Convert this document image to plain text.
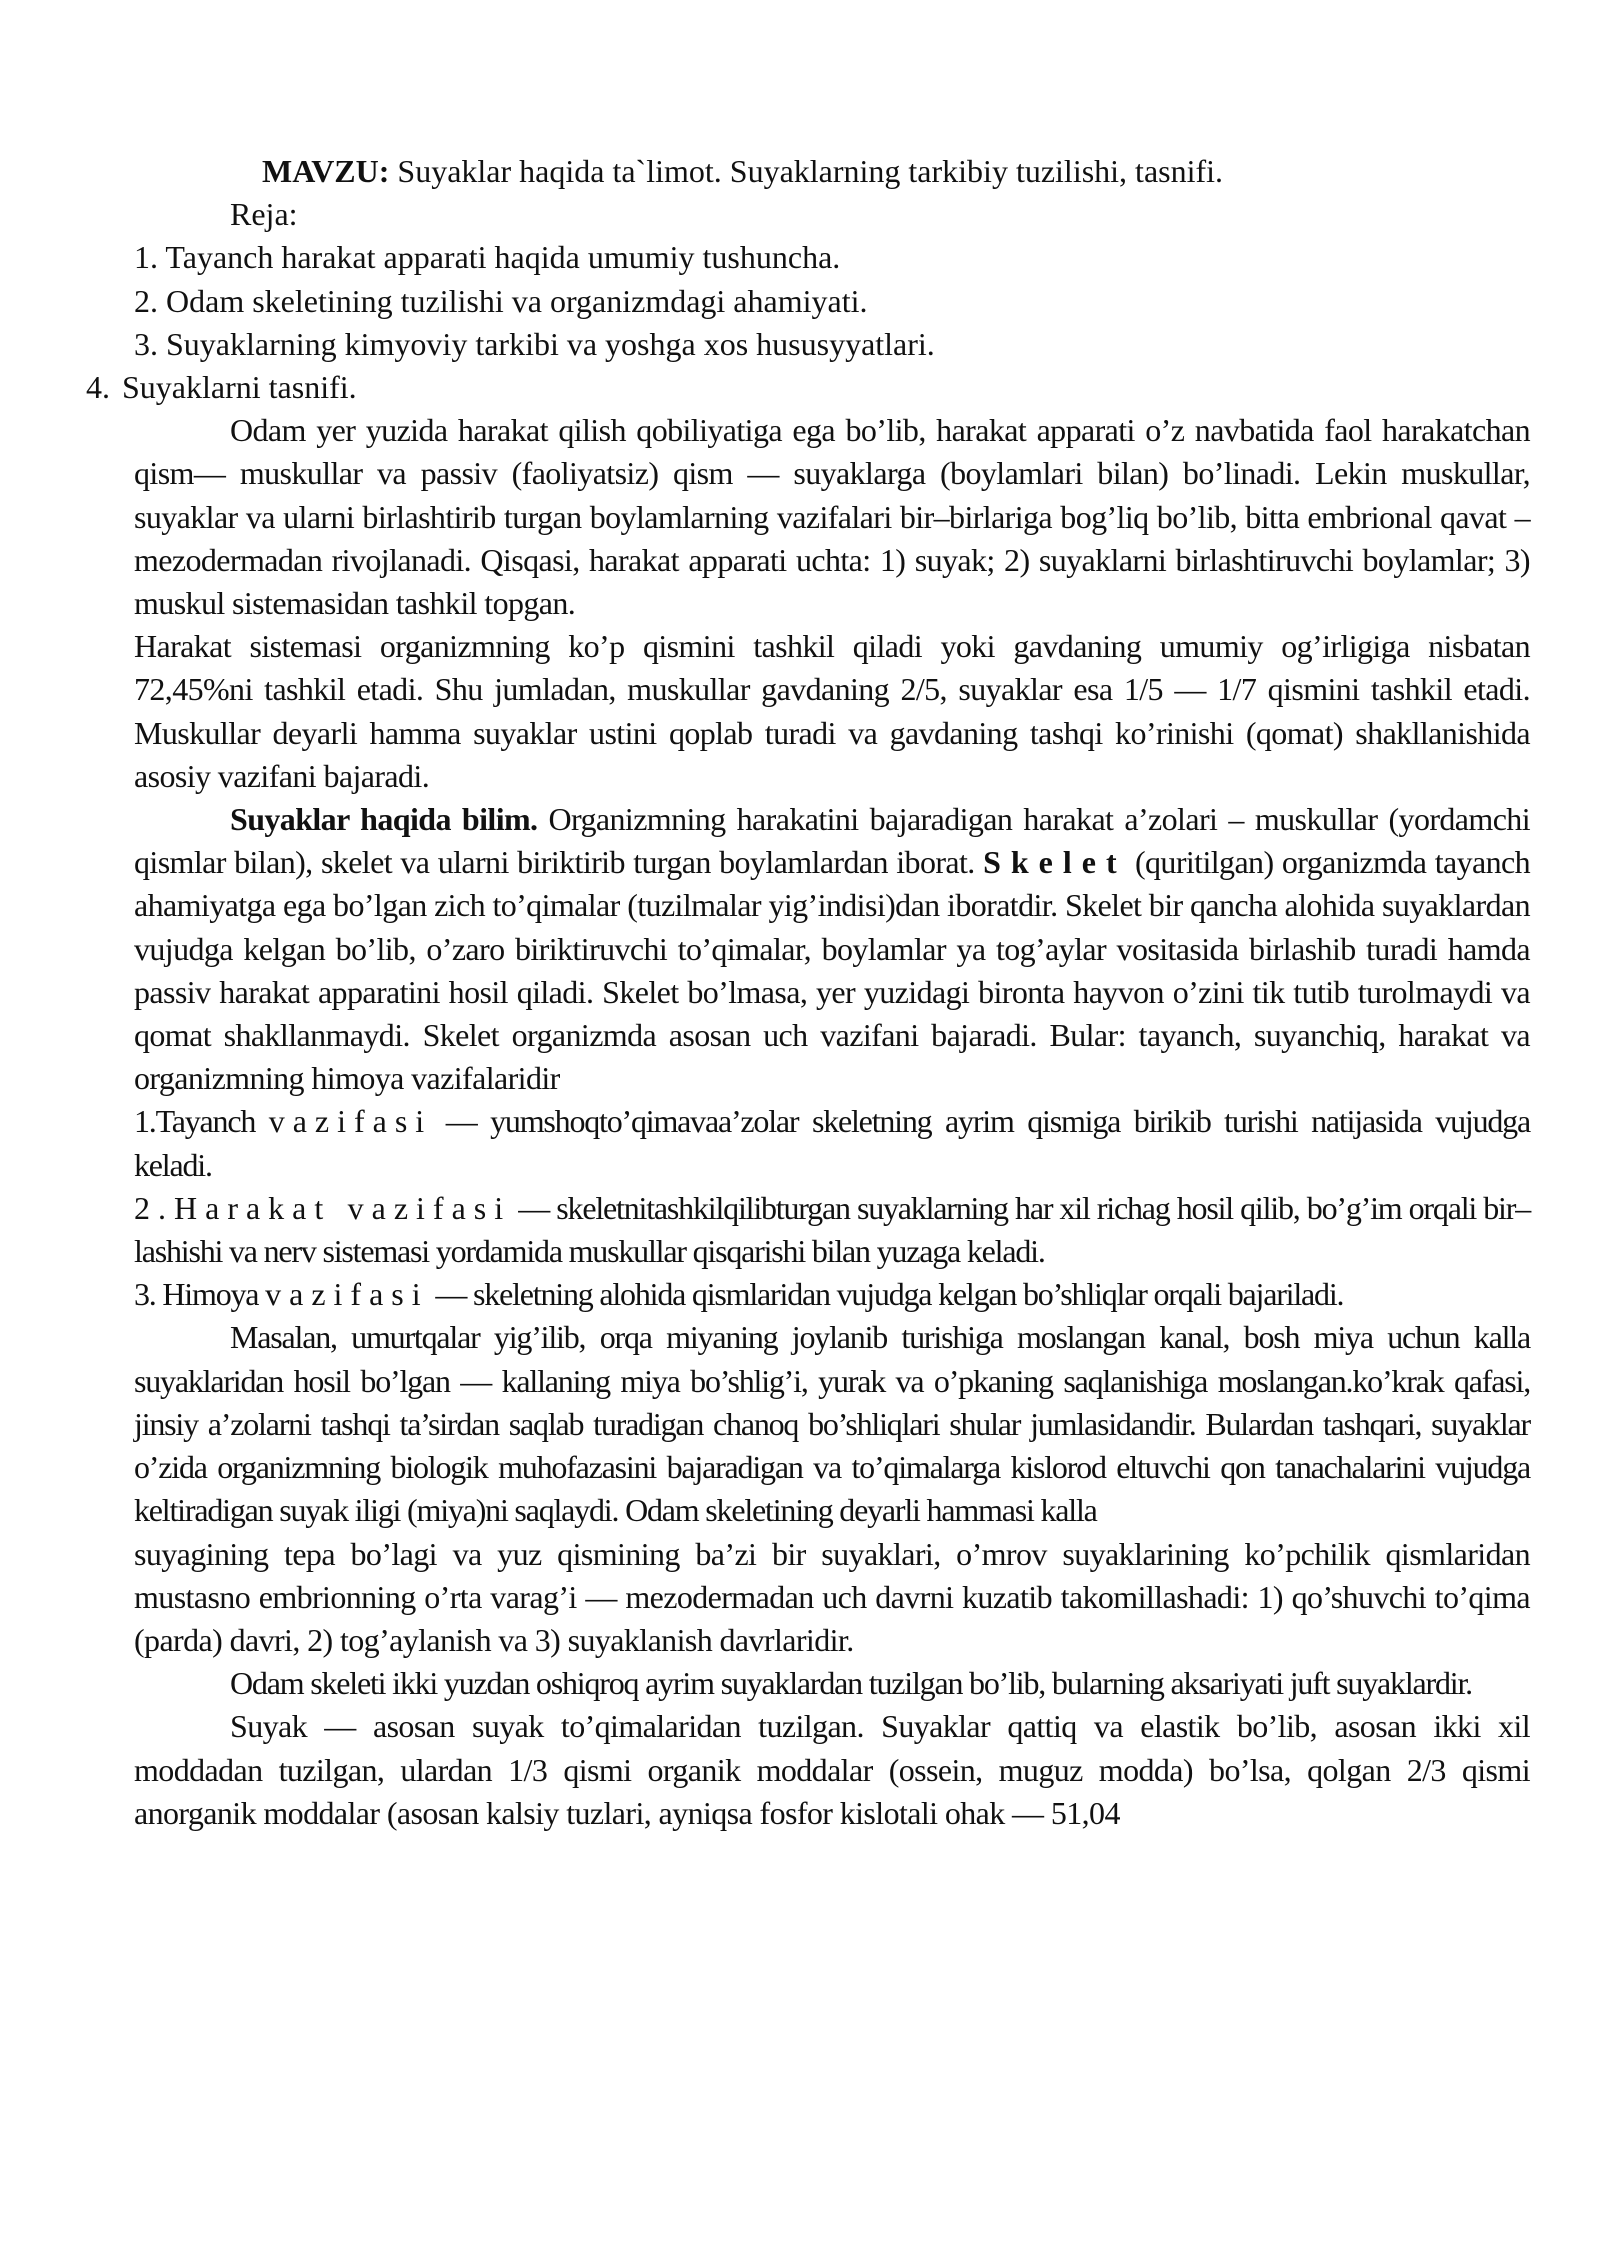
MAVZU: Suyaklar haqida ta`limot. Suyaklarning tarkibiy tuzilishi, tasnifi.

Reja:

1. Tayanch harakat apparati haqida umumiy tushuncha.

2. Odam skeletining tuzilishi va organizmdagi ahamiyati.

3. Suyaklarning kimyoviy tarkibi va yoshga xos hususуyatlari.

4. Suyaklarni tasnifi.

Odam yer yuzida harakat qilish qobiliyatiga ega bo’lib, harakat apparati o’z navbatida faol harakatchan qism— muskullar va passiv (faoliyatsiz) qism — suyaklarga (boylamlari bilan) bo’linadi. Lekin muskullar, suyaklar va ularni birlashtirib turgan boylamlarning vazifalari bir–birlariga bog’liq bo’lib, bitta embrional qavat – mezodermadan rivojlanadi. Qisqasi, harakat apparati uchta: 1) suyak; 2) suyaklarni birlashtiruvchi boylamlar; 3) muskul sistemasidan tashkil topgan.

Harakat sistemasi organizmning ko’p qismini tashkil qiladi yoki gavdaning umumiy og’irligiga nisbatan 72,45%ni tashkil etadi. Shu jumladan, muskullar gavdaning 2/5, suyaklar esa 1/5 — 1/7 qismini tashkil etadi. Muskullar deyarli hamma suyaklar ustini qoplab turadi va gavdaning tashqi ko’rinishi (qomat) shakllanishida asosiy vazifani bajaradi.

Suyaklar haqida bilim. Organizmning harakatini bajaradigan harakat a’zolari – muskullar (yordamchi qismlar bilan), skelet va ularni biriktirib turgan boylamlardan iborat. Skelet (quritilgan) organizmda tayanch ahamiyatga ega bo’lgan zich to’qimalar (tuzilmalar yig’indisi)dan iboratdir. Skelet bir qancha alohida suyaklardan vujudga kelgan bo’lib, o’zaro biriktiruvchi to’qimalar, boylamlar ya tog’aylar vositasida birlashib turadi hamda passiv harakat apparatini hosil qiladi. Skelet bo’lmasa, yer yuzidagi bironta hayvon o’zini tik tutib turolmaydi va qomat shakllanmaydi. Skelet organizmda asosan uch vazifani bajaradi. Bular: tayanch, suyanchiq, harakat va organizmning himoya vazifalaridir

1.Tayanch vazifasi — yumshoqto’qimavaa’zolar skeletning ayrim qismiga birikib turishi natijasida vujudga keladi.

2.Harakat vazifasi — skeletnitashkilqilibturgan suyaklarning har xil richag hosil qilib, bo’g’im orqali bir–lashishi va nerv sistemasi yordamida muskullar qisqarishi bilan yuzaga keladi.

3. Himoya vazifasi — skeletning alohida qismlaridan vujudga kelgan bo’shliqlar orqali bajariladi.

Masalan, umurtqalar yig’ilib, orqa miyaning joylanib turishiga moslangan kanal, bosh miya uchun kalla suyaklaridan hosil bo’lgan — kallaning miya bo’shlig’i, yurak va o’pkaning saqlanishiga moslangan.ko’krak qafasi, jinsiy a’zolarni tashqi ta’sirdan saqlab turadigan chanoq bo’shliqlari shular jumlasidandir. Bulardan tashqari, suyaklar o’zida organizmning biologik muhofazasini bajaradigan va to’qimalarga kislorod eltuvchi qon tanachalarini vujudga keltiradigan suyak iligi (miya)ni saqlaydi. Odam skeletining deyarli hammasi kalla

suyagining tepa bo’lagi va yuz qismining ba’zi bir suyaklari, o’mrov suyaklarining ko’pchilik qismlaridan mustasno embrionning o’rta varag’i — mezodermadan uch davrni kuzatib takomillashadi: 1) qo’shuvchi to’qima (parda) davri, 2) tog’aylanish va 3) suyaklanish davrlaridir.

Odam skeleti ikki yuzdan oshiqroq ayrim suyaklardan tuzilgan bo’lib, bularning aksariyati juft suyaklardir.

Suyak — asosan suyak to’qimalaridan tuzilgan. Suyaklar qattiq va elastik bo’lib, asosan ikki xil moddadan tuzilgan, ulardan 1/3 qismi organik moddalar (ossein, muguz modda) bo’lsa, qolgan 2/3 qismi anorganik moddalar (asosan kalsiy tuzlari, ayniqsa fosfor kislotali ohak — 51,04
